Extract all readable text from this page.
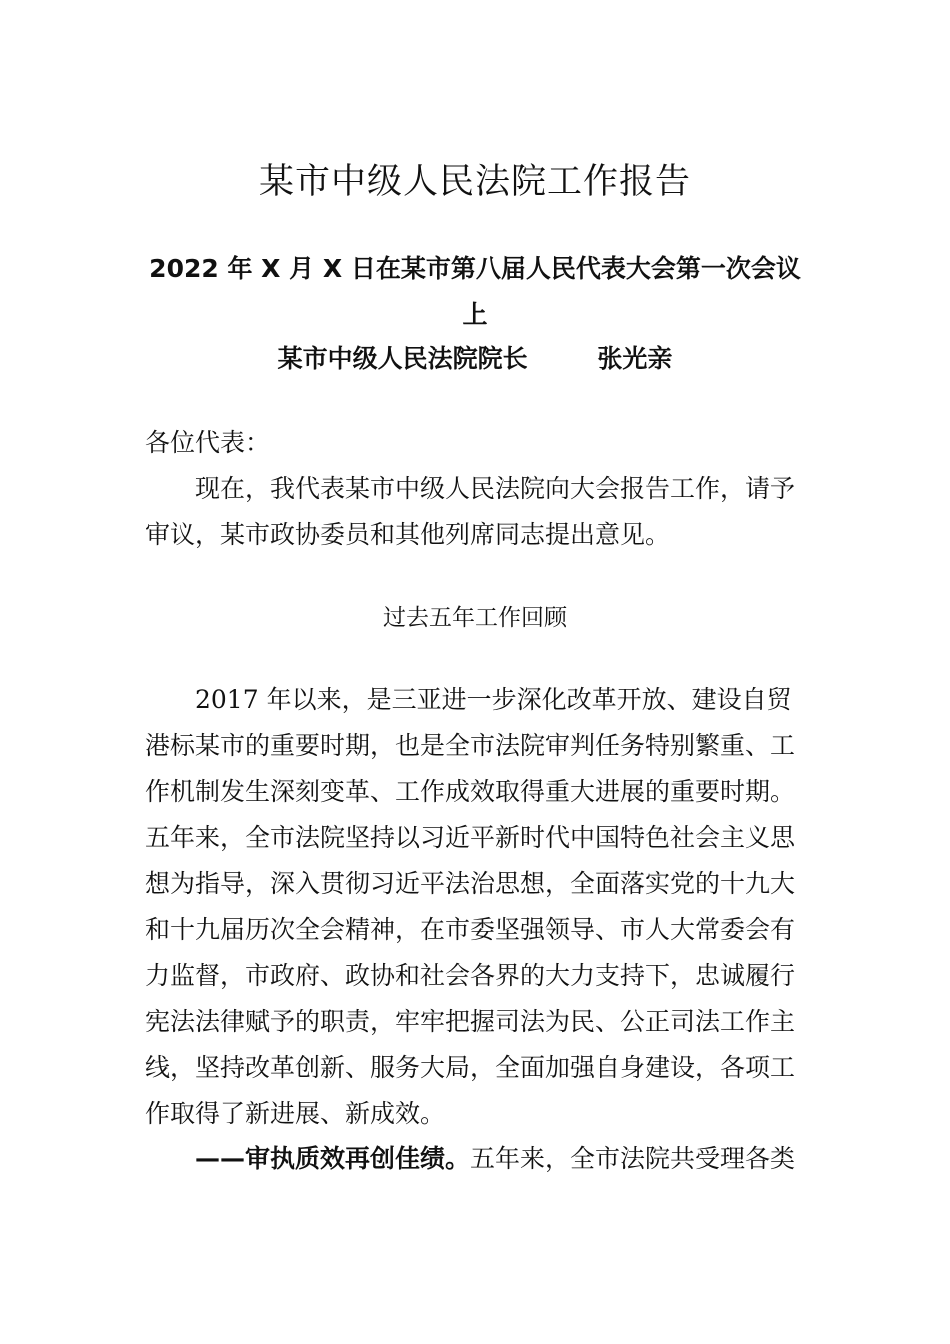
某市中级人民法院工作报告

2022 年 X 月 X 日在某市第八届人民代表大会第一次会议上

某市中级人民法院院长	张光亲
各位代表：

现在，我代表某市中级人民法院向大会报告工作，请予审议，某市政协委员和其他列席同志提出意见。

过去五年工作回顾

2017 年以来，是三亚进一步深化改革开放、建设自贸港标某市的重要时期，也是全市法院审判任务特别繁重、工作机制发生深刻变革、工作成效取得重大进展的重要时期。五年来，全市法院坚持以习近平新时代中国特色社会主义思想为指导，深入贯彻习近平法治思想，全面落实党的十九大和十九届历次全会精神，在市委坚强领导、市人大常委会有力监督，市政府、政协和社会各界的大力支持下，忠诚履行宪法法律赋予的职责，牢牢把握司法为民、公正司法工作主线，坚持改革创新、服务大局，全面加强自身建设，各项工作取得了新进展、新成效。

——审执质效再创佳绩。五年来，全市法院共受理各类
